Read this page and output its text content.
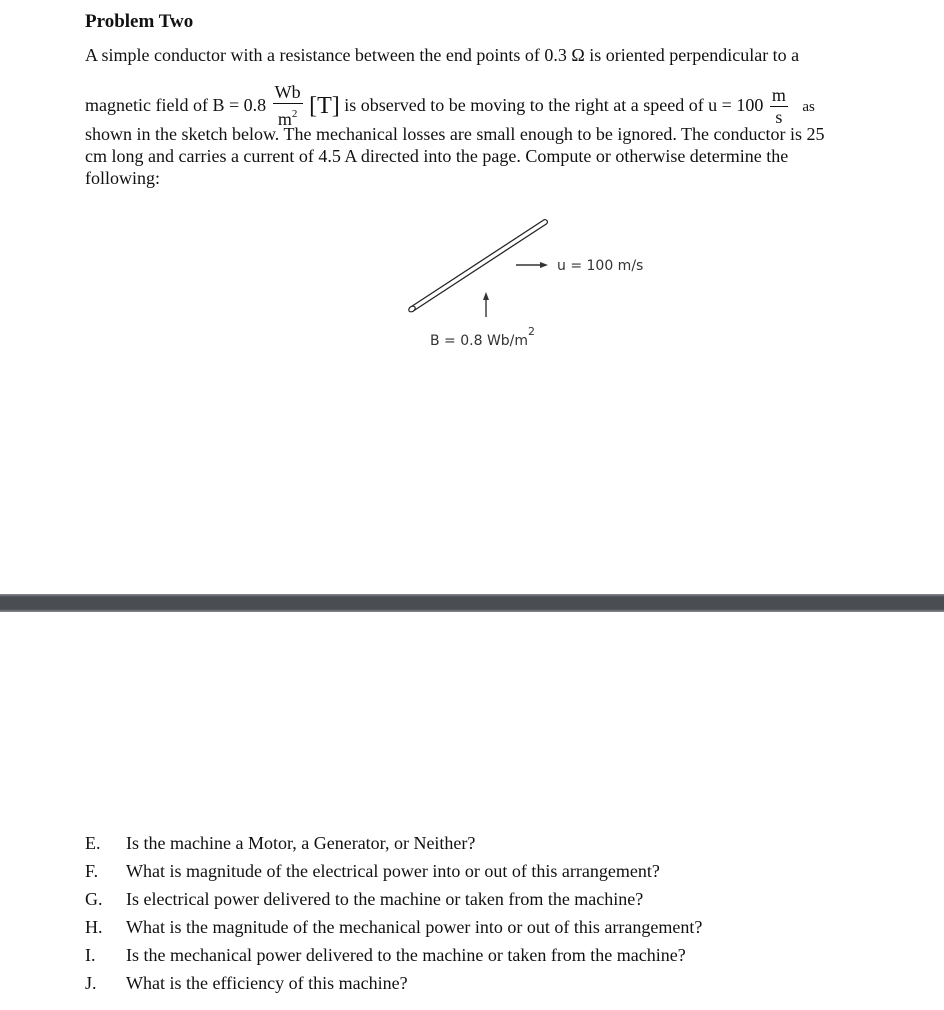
Problem Two
A simple conductor with a resistance between the end points of 0.3 Ω is oriented perpendicular to a
magnetic field of $B = 0.8 \frac{Wb}{m^2} [T]$ is observed to be moving to the right at a speed of $u = 100 \frac{m}{s}$ as
shown in the sketch below. The mechanical losses are small enough to be ignored. The conductor is 25
cm long and carries a current of 4.5 A directed into the page. Compute or otherwise determine the
following:
u = 100 m/s
B = 0.8 $Wb/m^2$
E. Is the machine a Motor, a Generator, or Neither?
F. What is magnitude of the electrical power into or out of this arrangement?
G. Is electrical power delivered to the machine or taken from the machine?
H. What is the magnitude of the mechanical power into or out of this arrangement?
I. Is the mechanical power delivered to the machine or taken from the machine?
J. What is the efficiency of this machine?
